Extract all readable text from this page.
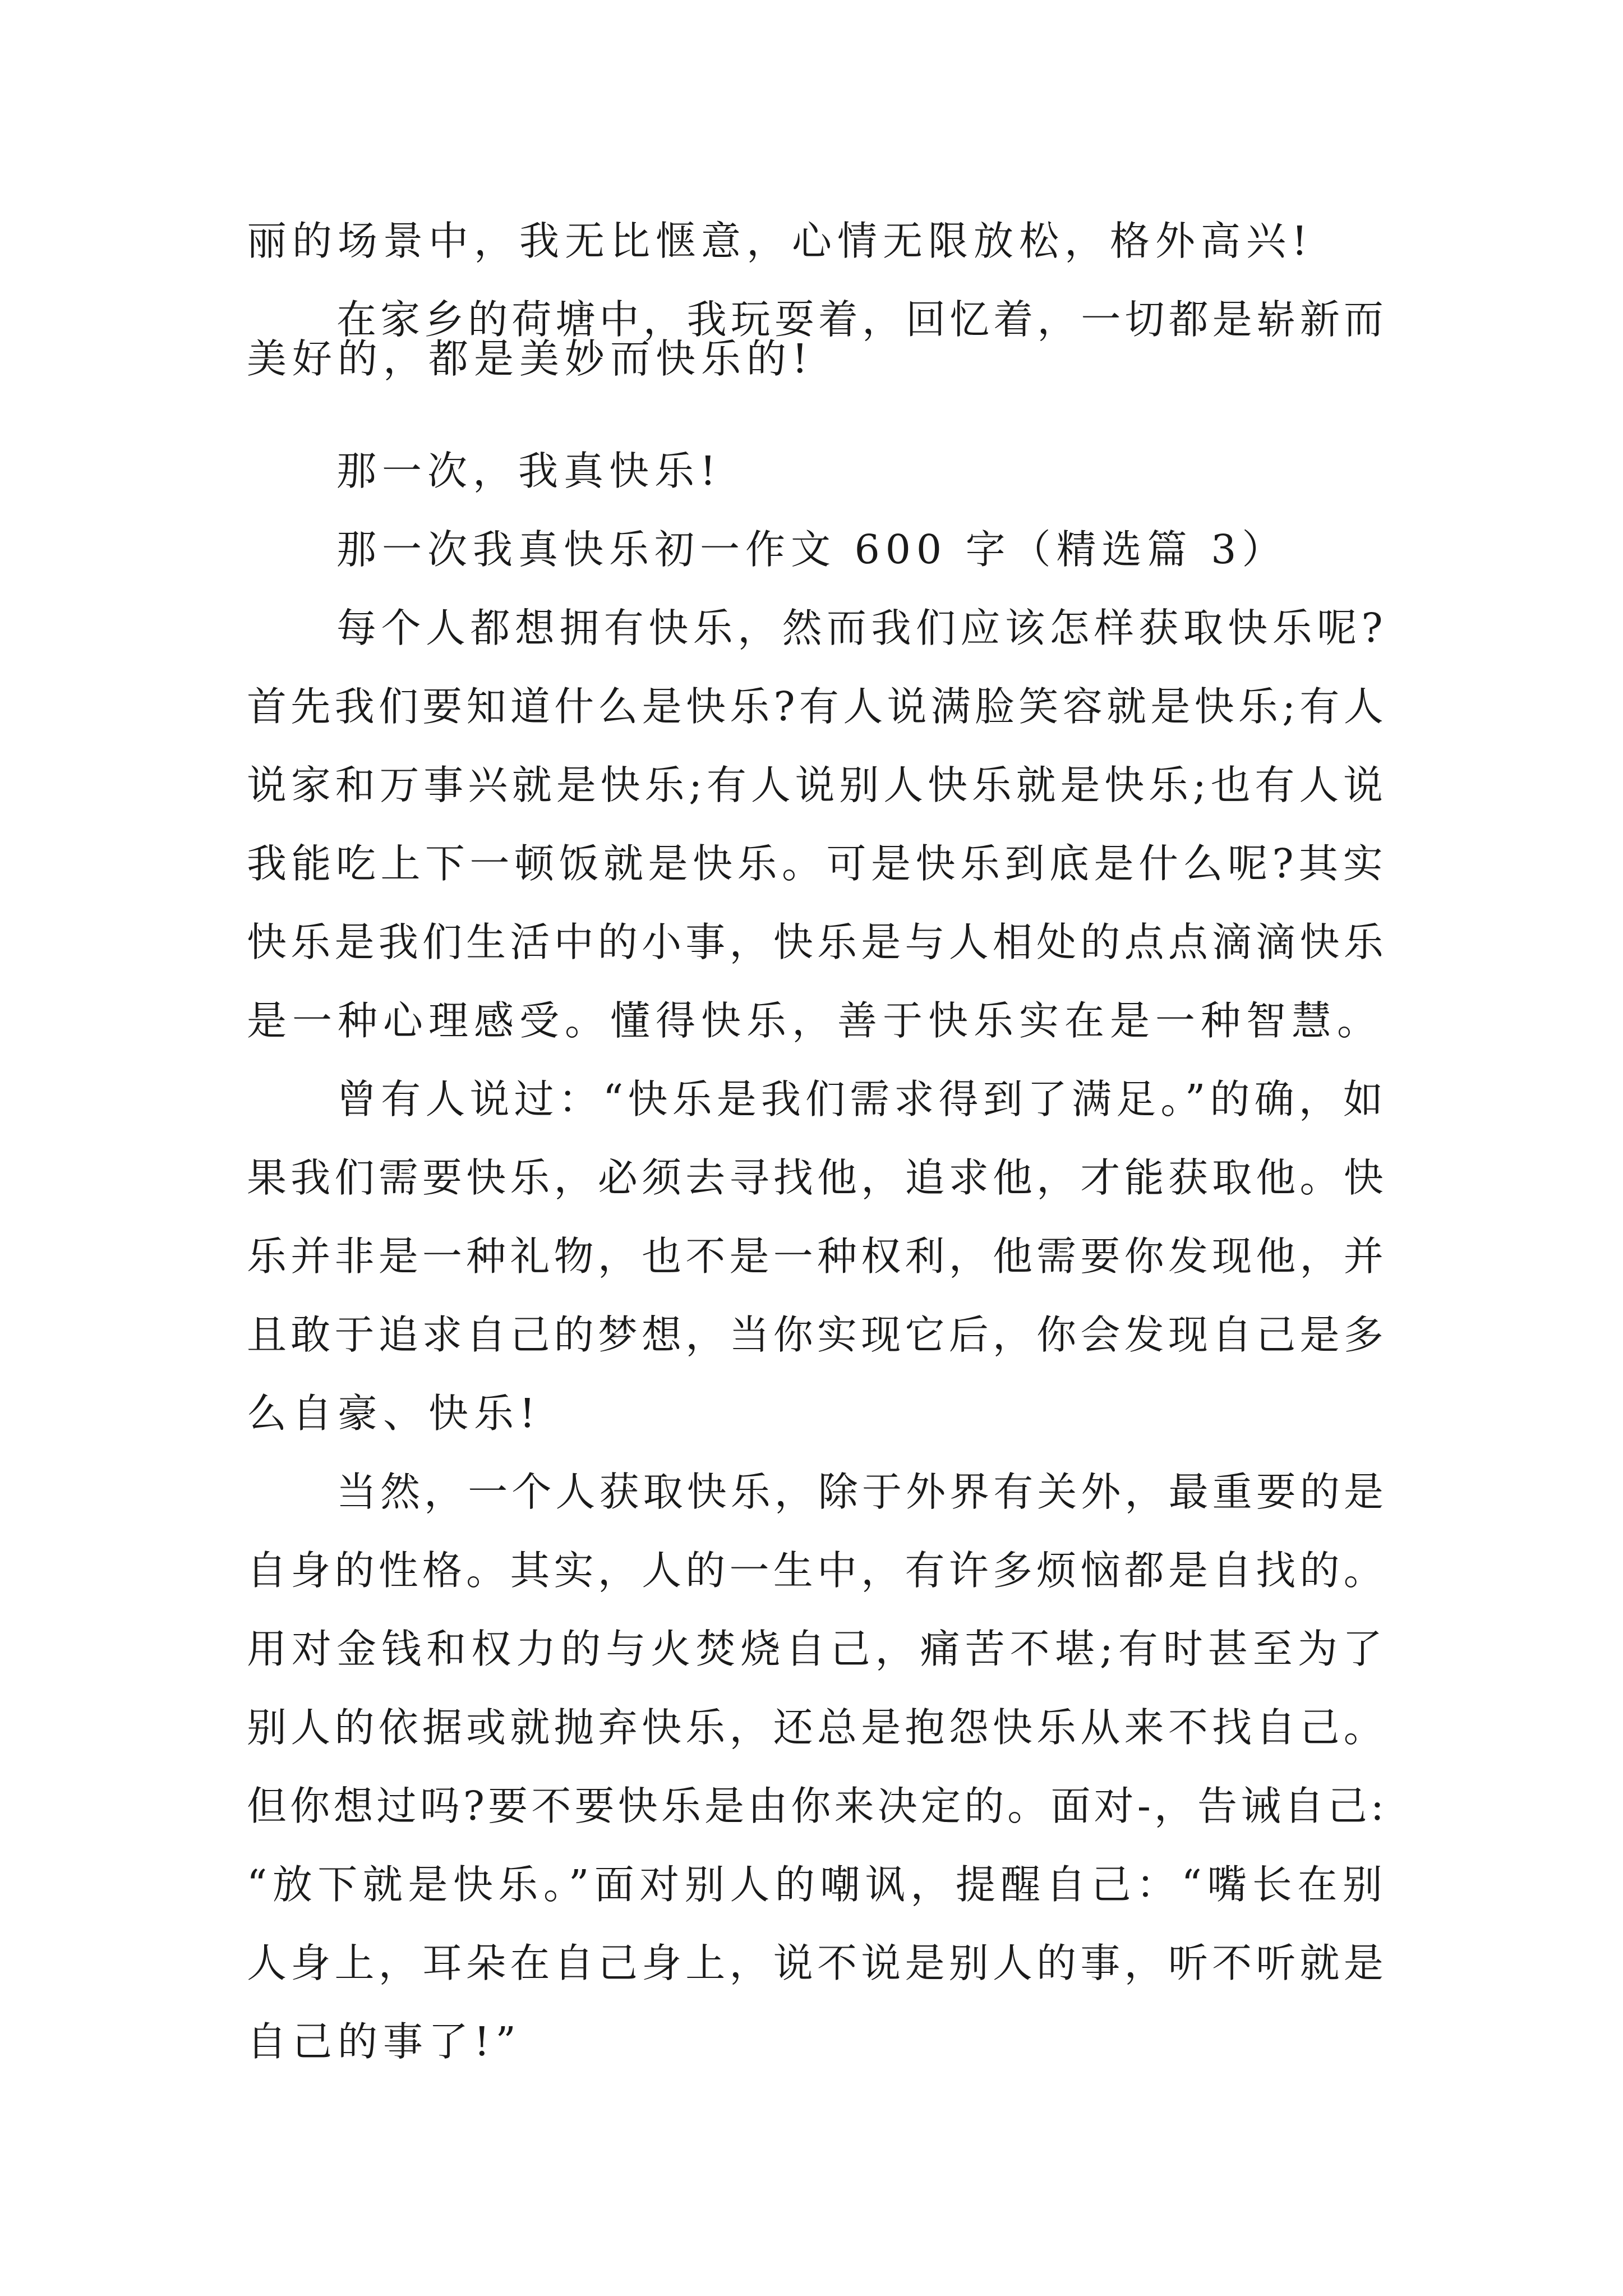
丽的场景中，我无比惬意，心情无限放松，格外高兴!
在家乡的荷塘中，我玩耍着，回忆着，一切都是崭新而
美好的，都是美妙而快乐的!
那一次，我真快乐!
那一次我真快乐初一作文 600 字（精选篇 3）
每个人都想拥有快乐，然而我们应该怎样获取快乐呢?
首先我们要知道什么是快乐?有人说满脸笑容就是快乐;有人
说家和万事兴就是快乐;有人说别人快乐就是快乐;也有人说
我能吃上下一顿饭就是快乐。可是快乐到底是什么呢?其实
快乐是我们生活中的小事，快乐是与人相处的点点滴滴快乐
是一种心理感受。懂得快乐，善于快乐实在是一种智慧。
曾有人说过：“快乐是我们需求得到了满足。”的确，如
果我们需要快乐，必须去寻找他，追求他，才能获取他。快
乐并非是一种礼物，也不是一种权利，他需要你发现他，并
且敢于追求自己的梦想，当你实现它后，你会发现自己是多
么自豪、快乐!
当然，一个人获取快乐，除于外界有关外，最重要的是
自身的性格。其实，人的一生中，有许多烦恼都是自找的。
用对金钱和权力的与火焚烧自己，痛苦不堪;有时甚至为了
别人的依据或就抛弃快乐，还总是抱怨快乐从来不找自己。
但你想过吗?要不要快乐是由你来决定的。面对-，告诫自己:
“放下就是快乐。”面对别人的嘲讽，提醒自己：“嘴长在别
人身上，耳朵在自己身上，说不说是别人的事，听不听就是
自己的事了!”
